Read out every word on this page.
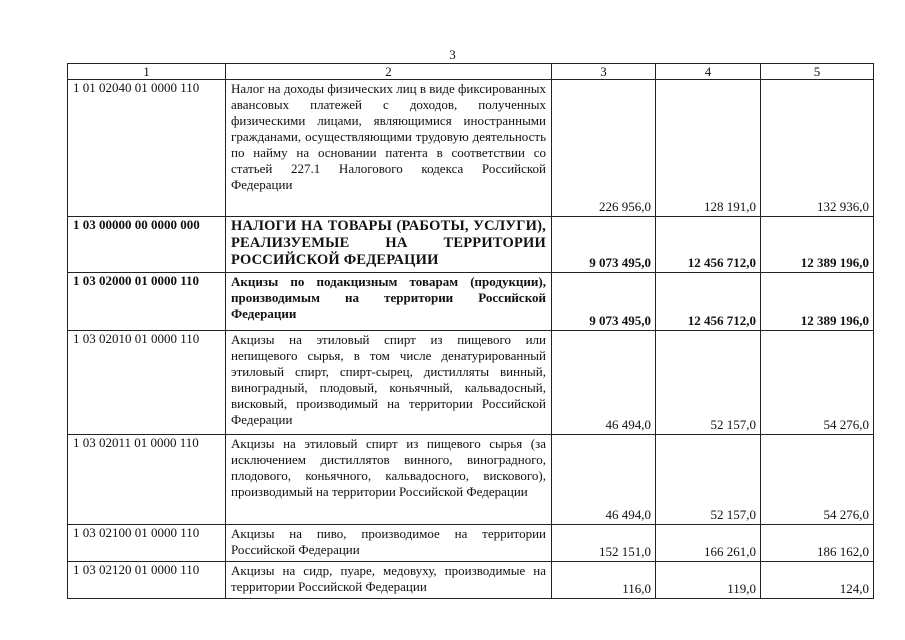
3
1	2	3	4	5
1 01 02040 01 0000 110	Налог на доходы физических лиц в виде фиксированных авансовых платежей с доходов, полученных физическими лицами, являющимися иностранными гражданами, осуществляющими трудовую деятельность по найму на основании патента в соответствии со статьей 227.1 Налогового кодекса Российской Федерации	226 956,0	128 191,0	132 936,0
1 03 00000 00 0000 000	НАЛОГИ НА ТОВАРЫ (РАБОТЫ, УСЛУГИ), РЕАЛИЗУЕМЫЕ НА ТЕРРИТОРИИ РОССИЙСКОЙ ФЕДЕРАЦИИ	9 073 495,0	12 456 712,0	12 389 196,0
1 03 02000 01 0000 110	Акцизы по подакцизным товарам (продукции), производимым на территории Российской Федерации	9 073 495,0	12 456 712,0	12 389 196,0
1 03 02010 01 0000 110	Акцизы на этиловый спирт из пищевого или непищевого сырья, в том числе денатурированный этиловый спирт, спирт-сырец, дистилляты винный, виноградный, плодовый, коньячный, кальвадосный, висковый, производимый на территории Российской Федерации	46 494,0	52 157,0	54 276,0
1 03 02011 01 0000 110	Акцизы на этиловый спирт из пищевого сырья (за исключением дистиллятов винного, виноградного, плодового, коньячного, кальвадосного, вискового), производимый на территории Российской Федерации	46 494,0	52 157,0	54 276,0
1 03 02100 01 0000 110	Акцизы на пиво, производимое на территории Российской Федерации	152 151,0	166 261,0	186 162,0
1 03 02120 01 0000 110	Акцизы на сидр, пуаре, медовуху, производимые на территории Российской Федерации	116,0	119,0	124,0
